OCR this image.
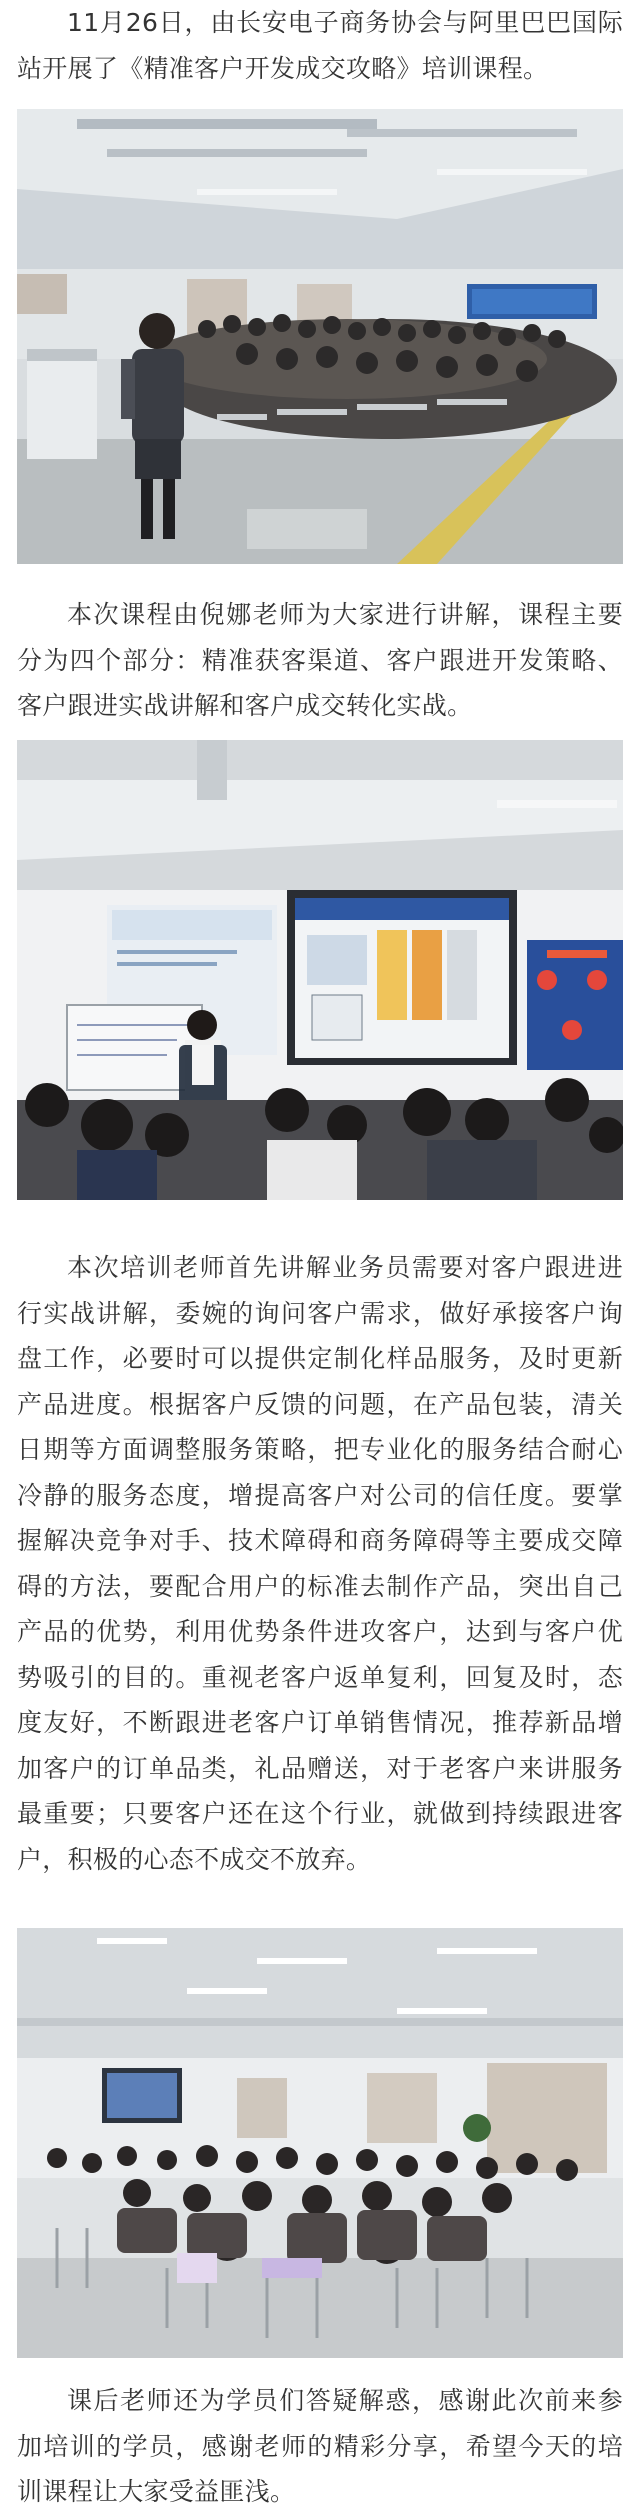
11月26日，由长安电子商务协会与阿里巴巴国际站开展了《精准客户开发成交攻略》培训课程。

本次课程由倪娜老师为大家进行讲解，课程主要分为四个部分：精准获客渠道、客户跟进开发策略、客户跟进实战讲解和客户成交转化实战。

本次培训老师首先讲解业务员需要对客户跟进进行实战讲解，委婉的询问客户需求，做好承接客户询盘工作，必要时可以提供定制化样品服务，及时更新产品进度。根据客户反馈的问题，在产品包装，清关日期等方面调整服务策略，把专业化的服务结合耐心冷静的服务态度，增提高客户对公司的信任度。要掌握解决竞争对手、技术障碍和商务障碍等主要成交障碍的方法，要配合用户的标准去制作产品，突出自己产品的优势，利用优势条件进攻客户，达到与客户优势吸引的目的。重视老客户返单复利，回复及时，态度友好，不断跟进老客户订单销售情况，推荐新品增加客户的订单品类，礼品赠送，对于老客户来讲服务最重要；只要客户还在这个行业，就做到持续跟进客户，积极的心态不成交不放弃。

课后老师还为学员们答疑解惑，感谢此次前来参加培训的学员，感谢老师的精彩分享，希望今天的培训课程让大家受益匪浅。
